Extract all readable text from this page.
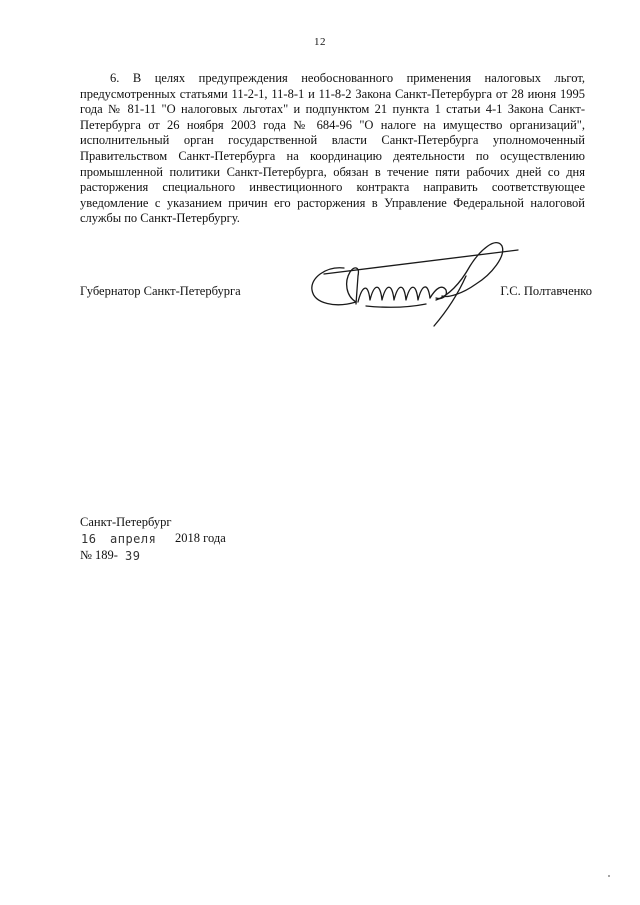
12

6. В целях предупреждения необоснованного применения налоговых льгот, предусмотренных статьями 11-2-1, 11-8-1 и 11-8-2 Закона Санкт-Петербурга от 28 июня 1995 года № 81-11 "О налоговых льготах" и подпунктом 21 пункта 1 статьи 4-1 Закона Санкт-Петербурга от 26 ноября 2003 года № 684-96 "О налоге на имущество организаций", исполнительный орган государственной власти Санкт-Петербурга уполномоченный Правительством Санкт-Петербурга на координацию деятельности по осуществлению промышленной политики Санкт-Петербурга, обязан в течение пяти рабочих дней со дня расторжения специального инвестиционного контракта направить соответствующее уведомление с указанием причин его расторжения в Управление Федеральной налоговой службы по Санкт-Петербургу.

Губернатор Санкт-Петербурга	Г.С. Полтавченко
Санкт-Петербург
16 апреля 2018 года
№ 189- 39
